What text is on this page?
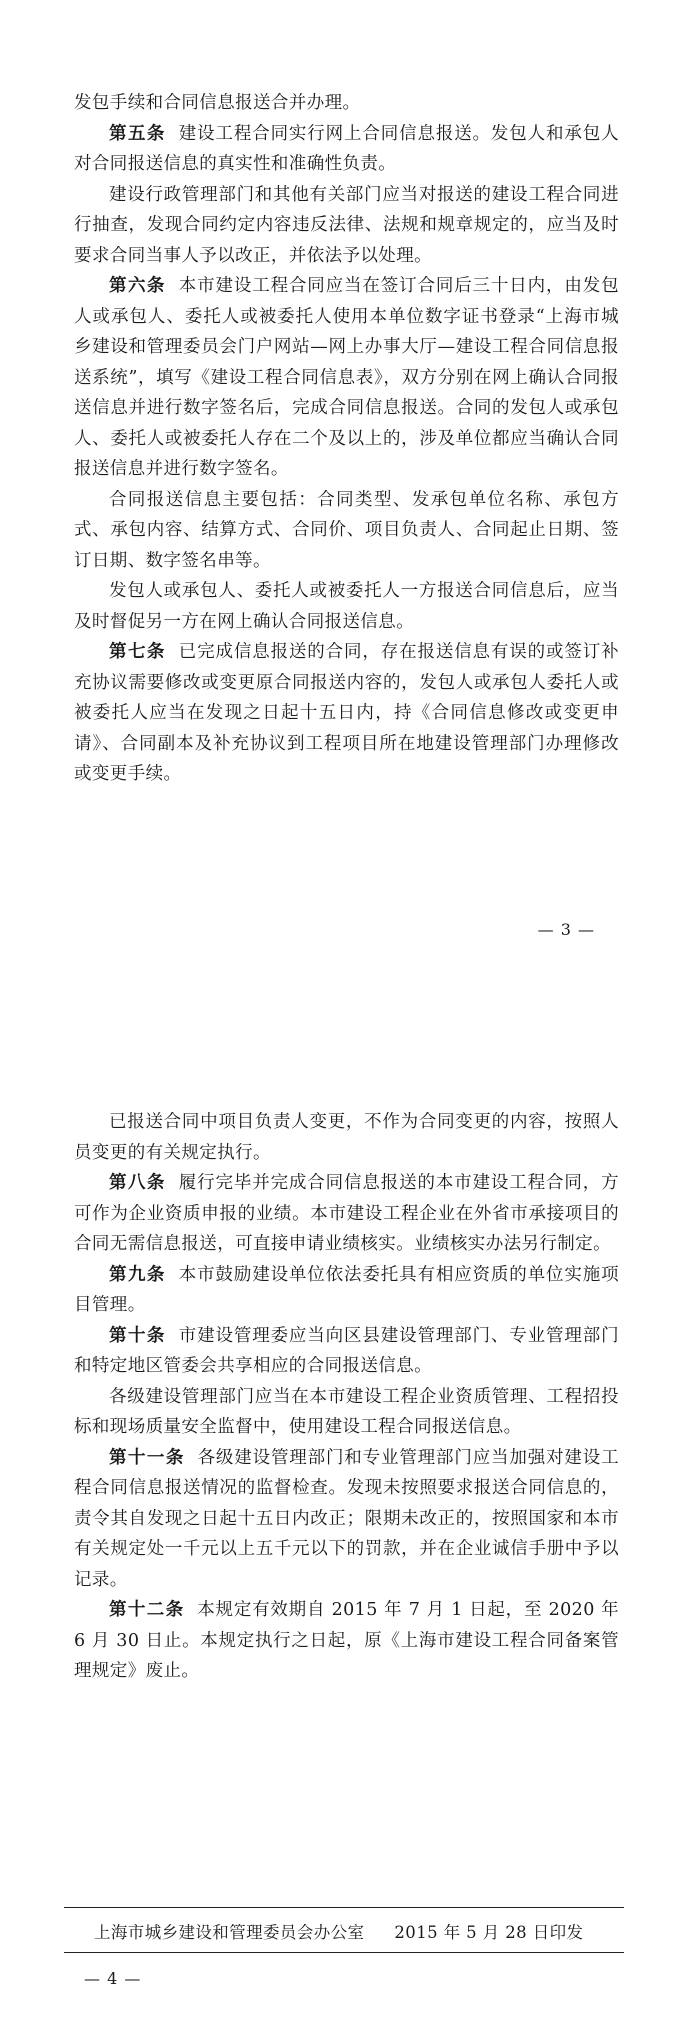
发包手续和合同信息报送合并办理。

第五条 建设工程合同实行网上合同信息报送。发包人和承包人对合同报送信息的真实性和准确性负责。

建设行政管理部门和其他有关部门应当对报送的建设工程合同进行抽查，发现合同约定内容违反法律、法规和规章规定的，应当及时要求合同当事人予以改正，并依法予以处理。

第六条 本市建设工程合同应当在签订合同后三十日内，由发包人或承包人、委托人或被委托人使用本单位数字证书登录“上海市城乡建设和管理委员会门户网站—网上办事大厅—建设工程合同信息报送系统”，填写《建设工程合同信息表》，双方分别在网上确认合同报送信息并进行数字签名后，完成合同信息报送。合同的发包人或承包人、委托人或被委托人存在二个及以上的，涉及单位都应当确认合同报送信息并进行数字签名。

合同报送信息主要包括：合同类型、发承包单位名称、承包方式、承包内容、结算方式、合同价、项目负责人、合同起止日期、签订日期、数字签名串等。

发包人或承包人、委托人或被委托人一方报送合同信息后，应当及时督促另一方在网上确认合同报送信息。

第七条 已完成信息报送的合同，存在报送信息有误的或签订补充协议需要修改或变更原合同报送内容的，发包人或承包人委托人或被委托人应当在发现之日起十五日内，持《合同信息修改或变更申请》、合同副本及补充协议到工程项目所在地建设管理部门办理修改或变更手续。

— 3 —

已报送合同中项目负责人变更，不作为合同变更的内容，按照人员变更的有关规定执行。

第八条 履行完毕并完成合同信息报送的本市建设工程合同，方可作为企业资质申报的业绩。本市建设工程企业在外省市承接项目的合同无需信息报送，可直接申请业绩核实。业绩核实办法另行制定。

第九条 本市鼓励建设单位依法委托具有相应资质的单位实施项目管理。

第十条 市建设管理委应当向区县建设管理部门、专业管理部门和特定地区管委会共享相应的合同报送信息。

各级建设管理部门应当在本市建设工程企业资质管理、工程招投标和现场质量安全监督中，使用建设工程合同报送信息。

第十一条 各级建设管理部门和专业管理部门应当加强对建设工程合同信息报送情况的监督检查。发现未按照要求报送合同信息的，责令其自发现之日起十五日内改正；限期未改正的，按照国家和本市有关规定处一千元以上五千元以下的罚款，并在企业诚信手册中予以记录。

第十二条 本规定有效期自 2015 年 7 月 1 日起，至 2020 年 6 月 30 日止。本规定执行之日起，原《上海市建设工程合同备案管理规定》废止。

上海市城乡建设和管理委员会办公室 2015 年 5 月 28 日印发
— 4 —
